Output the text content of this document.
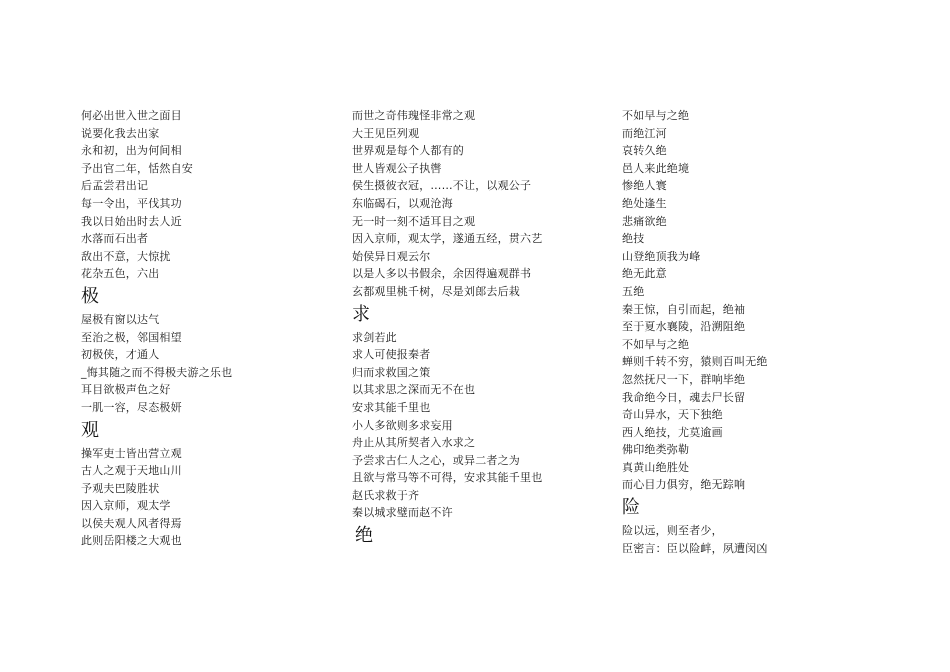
何必出世入世之面目
说要化我去出家
永和初，出为何间相
予出官二年，恬然自安
后孟尝君出记
每一令出，平伐其功
我以日始出时去人近
水落而石出者
敌出不意，大惊扰
花杂五色，六出
极
屋极有窗以达气
至治之极，邻国相望
初极侠，才通人
_悔其随之而不得极夫游之乐也
耳目欲极声色之好
一肌一容，尽态极妍
观
操军吏士皆出营立观
古人之观于天地山川
予观夫巴陵胜状
因入京师，观太学
以侯夫观人风者得焉
此则岳阳楼之大观也
而世之奇伟瑰怪非常之观
大王见臣列观
世界观是每个人都有的
世人皆观公子执辔
侯生摄彼衣冠，……不让，以观公子
东临碣石，以观沧海
无一时一刻不适耳目之观
因入京师，观太学，遂通五经，贯六艺
始侯异日观云尔
以是人多以书假余，余因得遍观群书
玄都观里桃千树，尽是刘郎去后栽
求
求剑若此
求人可使报秦者
归而求救国之策
以其求思之深而无不在也
安求其能千里也
小人多欲则多求妄用
舟止从其所契者入水求之
予尝求古仁人之心，或异二者之为
且欲与常马等不可得，安求其能千里也
赵氏求救于齐
秦以城求璧而赵不许
绝
不如早与之绝
而绝江河
哀转久绝
邑人来此绝境
惨绝人寰
绝处逢生
悲痛欲绝
绝技
山登绝顶我为峰
绝无此意
五绝
秦王惊，自引而起，绝袖
至于夏水襄陵，沿溯阻绝
不如早与之绝
蝉则千转不穷，猿则百叫无绝
忽然抚尺一下，群响毕绝
我命绝今日，魂去尸长留
奇山异水，天下独绝
西人绝技，尤莫逾画
佛印绝类弥勒
真黄山绝胜处
而心目力俱穷，绝无踪响
险
险以远，则至者少，
臣密言：臣以险衅，夙遭闵凶
